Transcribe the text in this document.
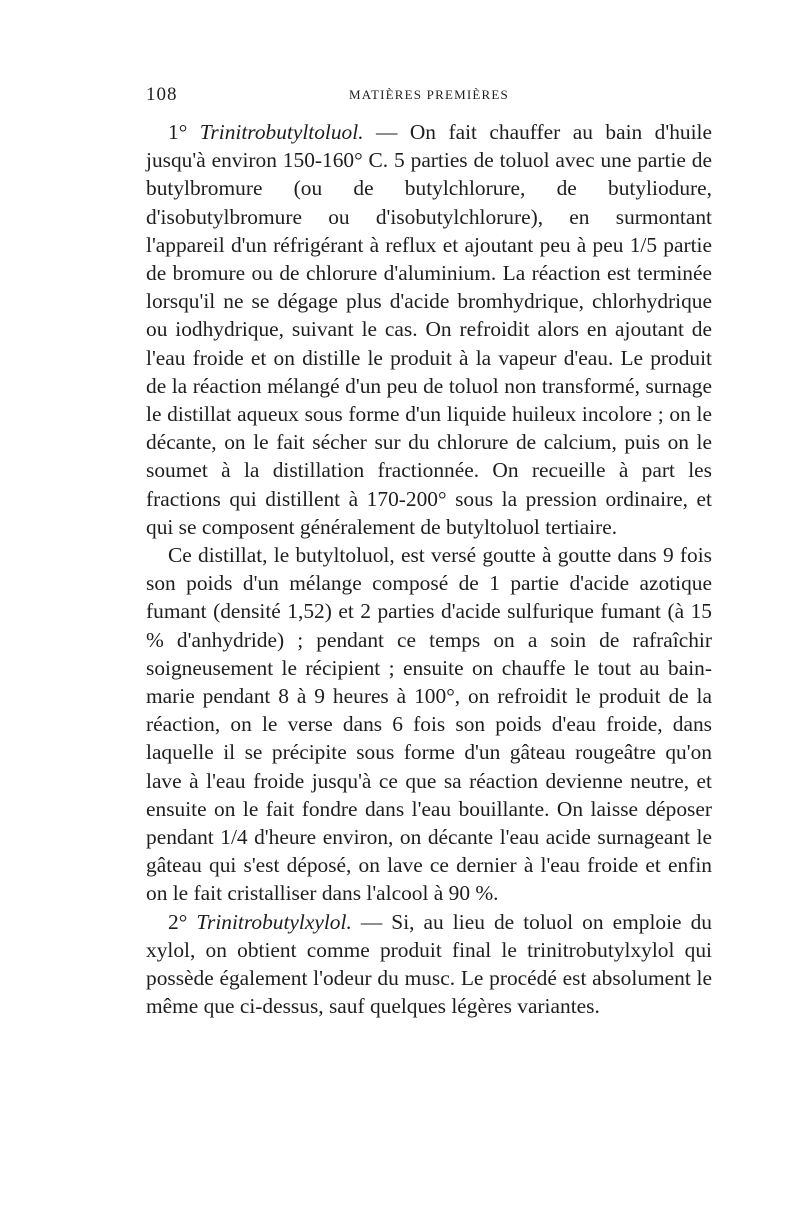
108	MATIÈRES PREMIÈRES

1° Trinitrobutyltoluol. — On fait chauffer au bain d'huile jusqu'à environ 150-160° C. 5 parties de toluol avec une partie de butylbromure (ou de butylchlorure, de butyliodure, d'isobutylbromure ou d'isobutylchlorure), en surmontant l'appareil d'un réfrigérant à reflux et ajoutant peu à peu 1/5 partie de bromure ou de chlorure d'aluminium. La réaction est terminée lorsqu'il ne se dégage plus d'acide bromhydrique, chlorhydrique ou iodhydrique, suivant le cas. On refroidit alors en ajoutant de l'eau froide et on distille le produit à la vapeur d'eau. Le produit de la réaction mélangé d'un peu de toluol non transformé, surnage le distillat aqueux sous forme d'un liquide huileux incolore ; on le décante, on le fait sécher sur du chlorure de calcium, puis on le soumet à la distillation fractionnée. On recueille à part les fractions qui distillent à 170-200° sous la pression ordinaire, et qui se composent généralement de butyltoluol tertiaire.

Ce distillat, le butyltoluol, est versé goutte à goutte dans 9 fois son poids d'un mélange composé de 1 partie d'acide azotique fumant (densité 1,52) et 2 parties d'acide sulfurique fumant (à 15 % d'anhydride) ; pendant ce temps on a soin de rafraîchir soigneusement le récipient ; ensuite on chauffe le tout au bain-marie pendant 8 à 9 heures à 100°, on refroidit le produit de la réaction, on le verse dans 6 fois son poids d'eau froide, dans laquelle il se précipite sous forme d'un gâteau rougeâtre qu'on lave à l'eau froide jusqu'à ce que sa réaction devienne neutre, et ensuite on le fait fondre dans l'eau bouillante. On laisse déposer pendant 1/4 d'heure environ, on décante l'eau acide surnageant le gâteau qui s'est déposé, on lave ce dernier à l'eau froide et enfin on le fait cristalliser dans l'alcool à 90 %.

2° Trinitrobutylxylol. — Si, au lieu de toluol on emploie du xylol, on obtient comme produit final le trinitrobutylxylol qui possède également l'odeur du musc. Le procédé est absolument le même que ci-dessus, sauf quelques légères variantes.
